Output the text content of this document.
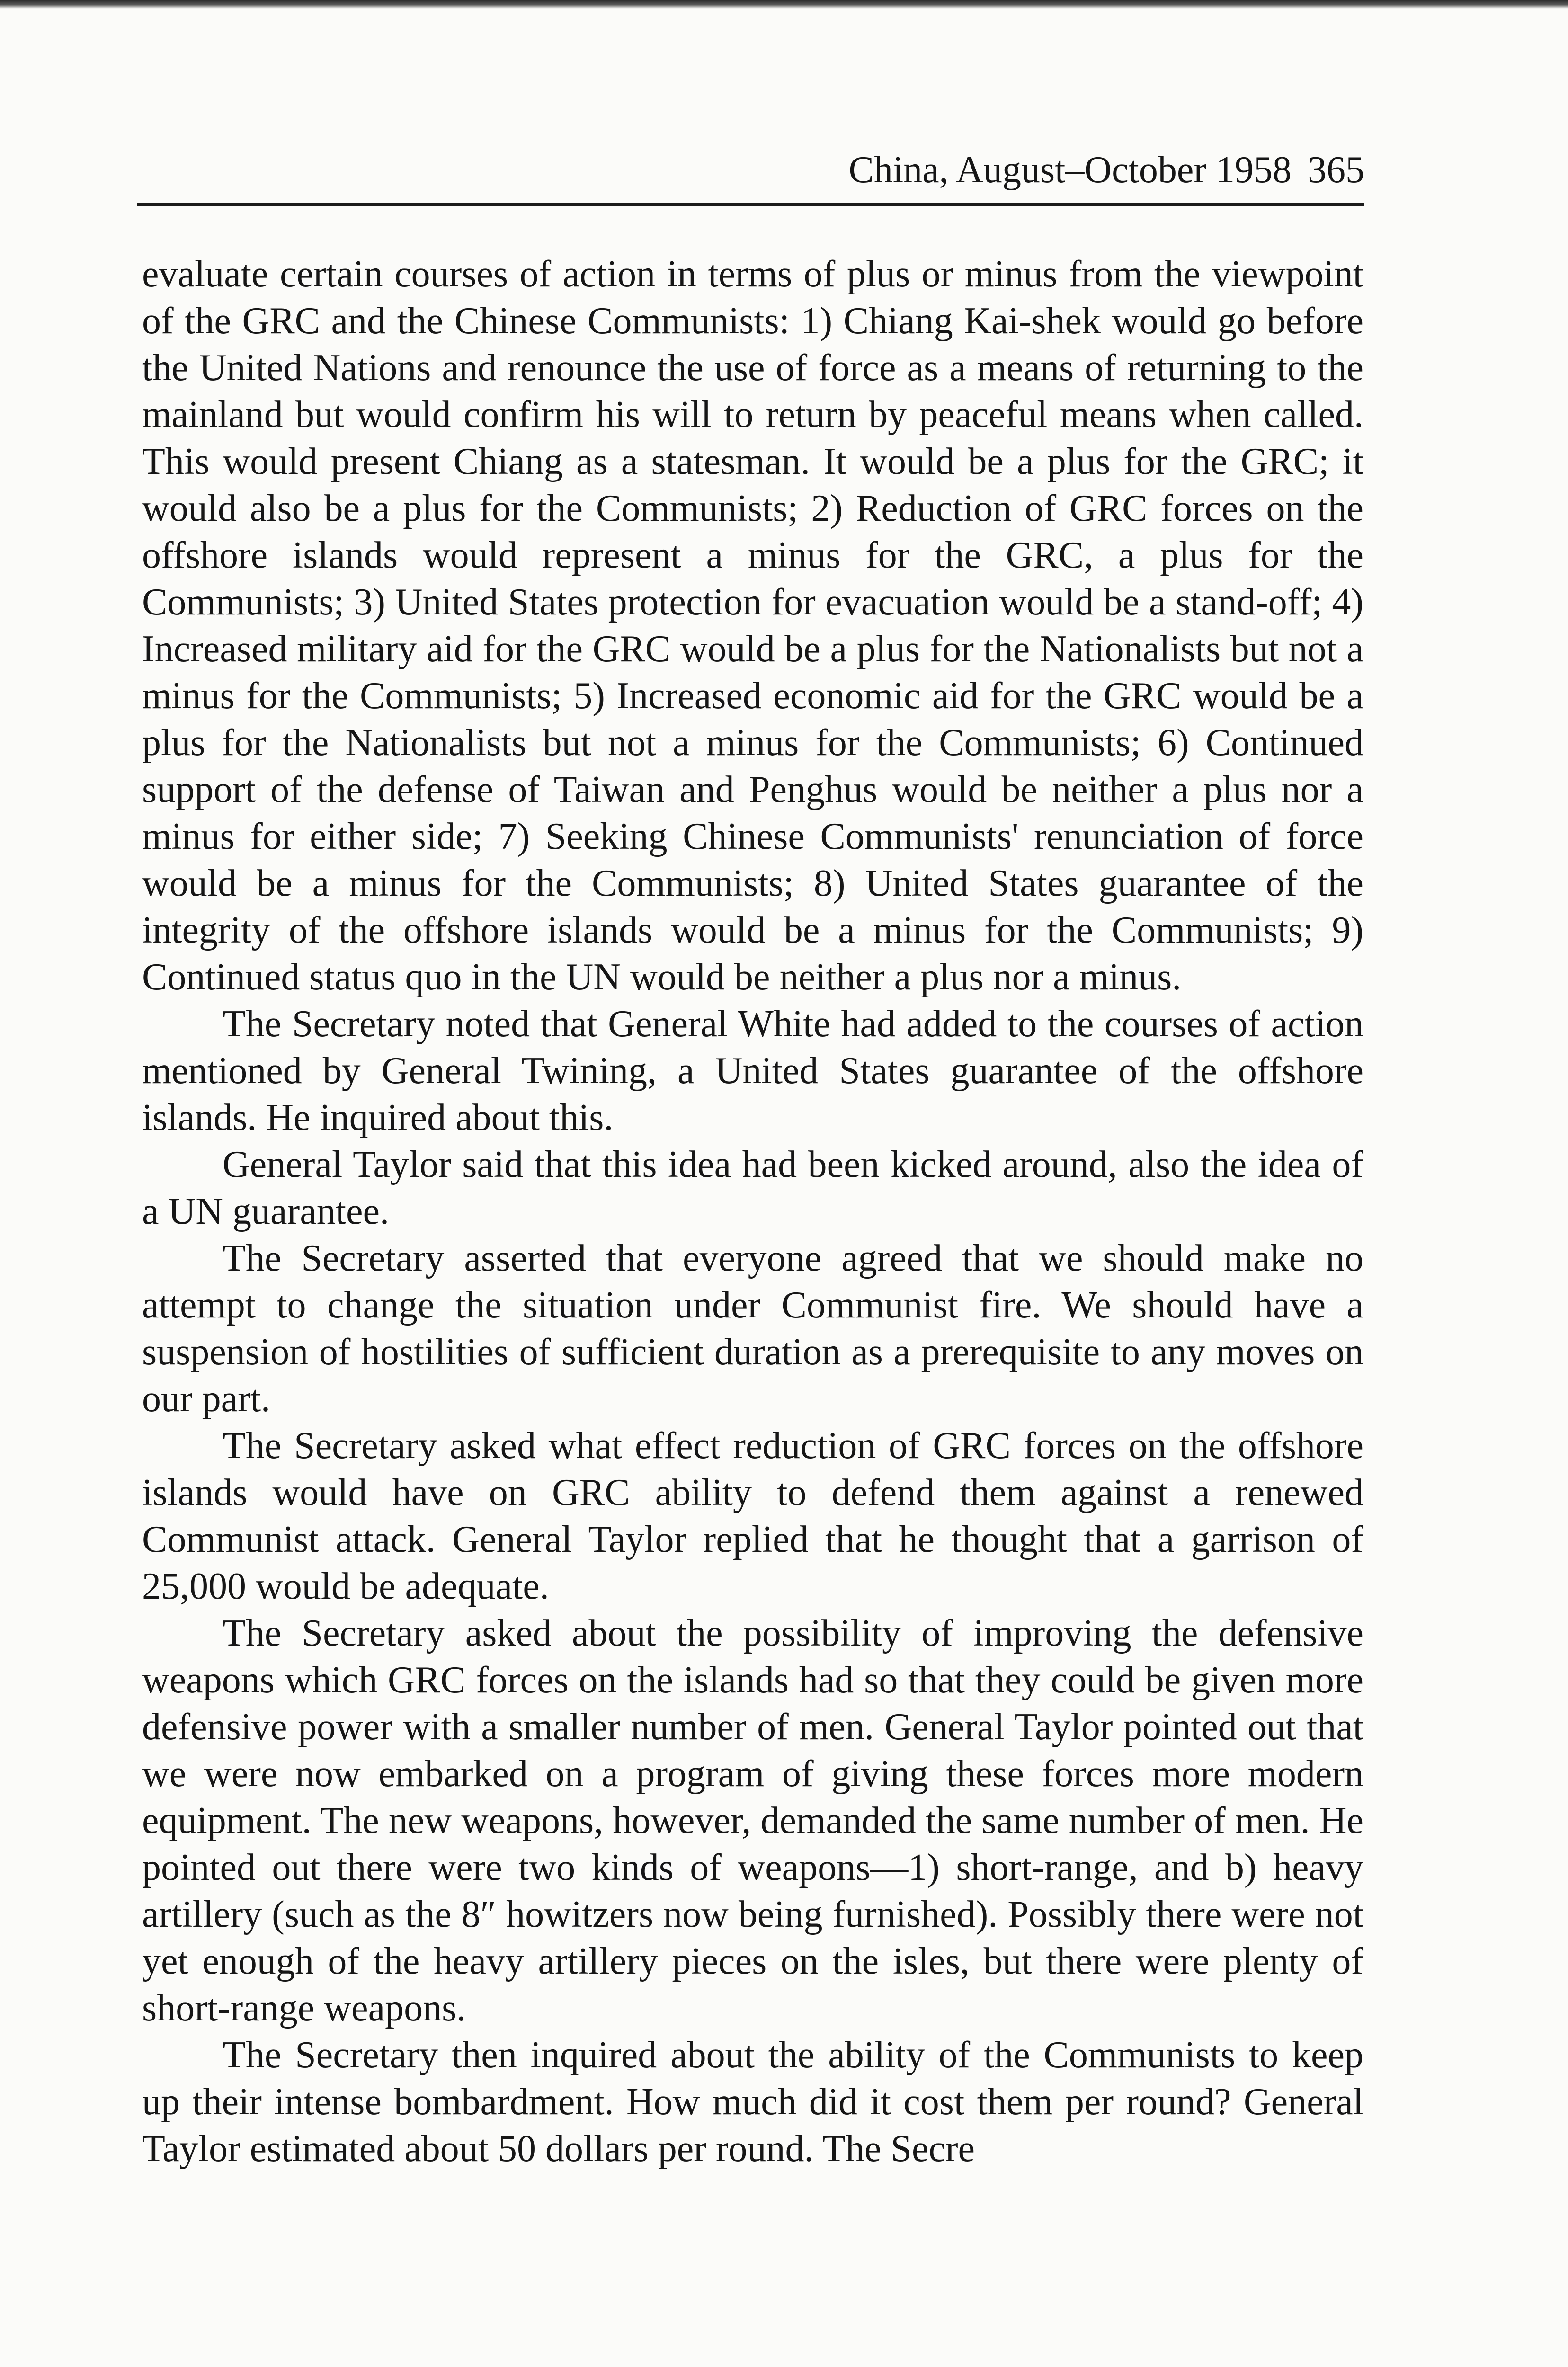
China, August–October 1958 365

evaluate certain courses of action in terms of plus or minus from the viewpoint of the GRC and the Chinese Communists: 1) Chiang Kai-shek would go before the United Nations and renounce the use of force as a means of returning to the mainland but would confirm his will to return by peaceful means when called. This would present Chiang as a statesman. It would be a plus for the GRC; it would also be a plus for the Communists; 2) Reduction of GRC forces on the offshore islands would represent a minus for the GRC, a plus for the Communists; 3) United States protection for evacuation would be a stand-off; 4) Increased military aid for the GRC would be a plus for the Nationalists but not a minus for the Communists; 5) Increased economic aid for the GRC would be a plus for the Nationalists but not a minus for the Communists; 6) Continued support of the defense of Taiwan and Penghus would be neither a plus nor a minus for either side; 7) Seeking Chinese Communists' renunciation of force would be a minus for the Communists; 8) United States guarantee of the integrity of the offshore islands would be a minus for the Communists; 9) Continued status quo in the UN would be neither a plus nor a minus.

The Secretary noted that General White had added to the courses of action mentioned by General Twining, a United States guarantee of the offshore islands. He inquired about this.

General Taylor said that this idea had been kicked around, also the idea of a UN guarantee.

The Secretary asserted that everyone agreed that we should make no attempt to change the situation under Communist fire. We should have a suspension of hostilities of sufficient duration as a prerequisite to any moves on our part.

The Secretary asked what effect reduction of GRC forces on the offshore islands would have on GRC ability to defend them against a renewed Communist attack. General Taylor replied that he thought that a garrison of 25,000 would be adequate.

The Secretary asked about the possibility of improving the defensive weapons which GRC forces on the islands had so that they could be given more defensive power with a smaller number of men. General Taylor pointed out that we were now embarked on a program of giving these forces more modern equipment. The new weapons, however, demanded the same number of men. He pointed out there were two kinds of weapons—1) short-range, and b) heavy artillery (such as the 8″ howitzers now being furnished). Possibly there were not yet enough of the heavy artillery pieces on the isles, but there were plenty of short-range weapons.

The Secretary then inquired about the ability of the Communists to keep up their intense bombardment. How much did it cost them per round? General Taylor estimated about 50 dollars per round. The Secre
